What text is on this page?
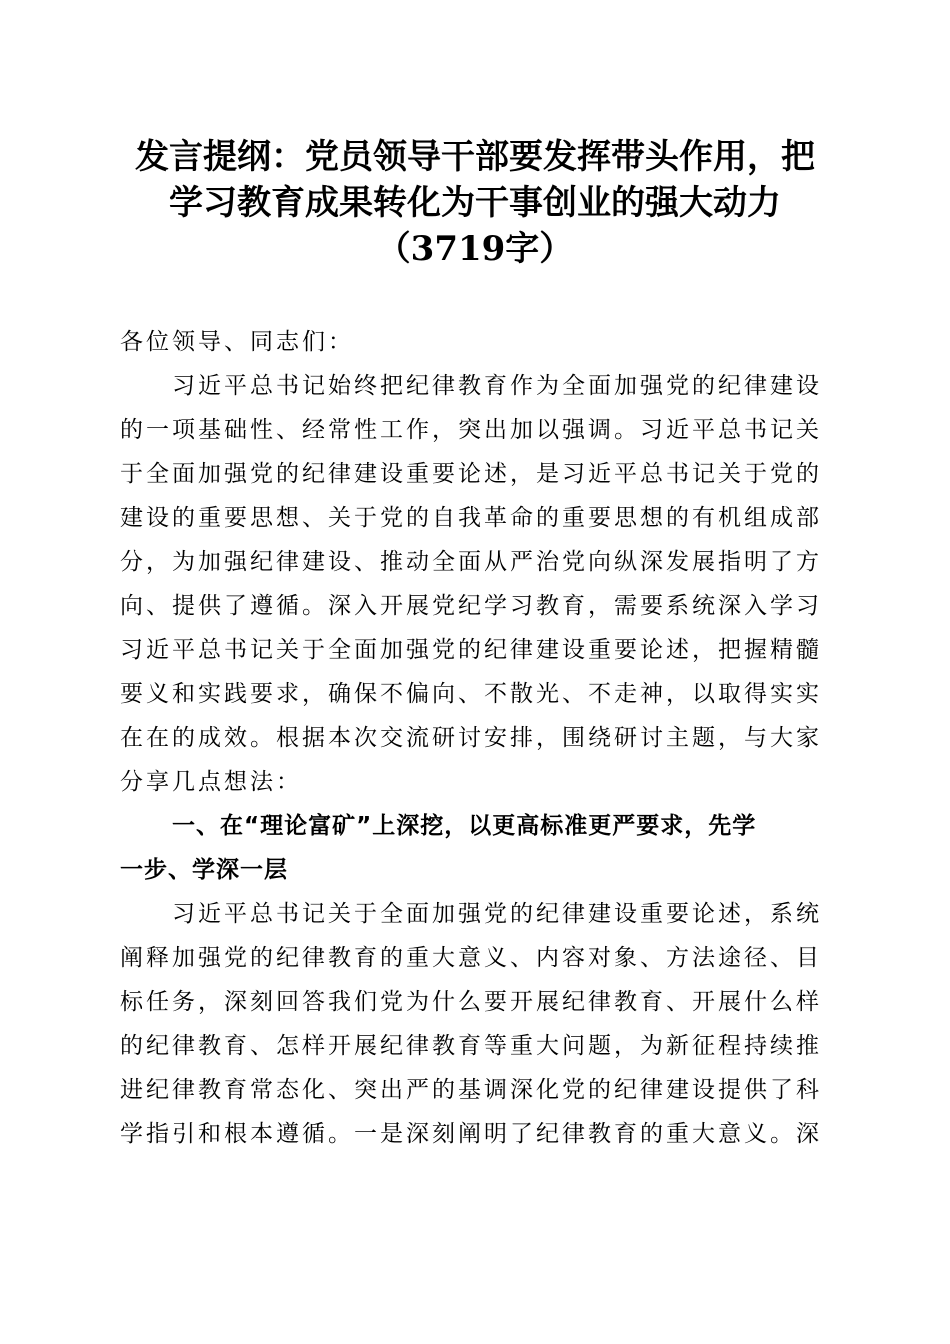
发言提纲：党员领导干部要发挥带头作用，把
学习教育成果转化为干事创业的强大动力
（3719字）
各位领导、同志们：
习近平总书记始终把纪律教育作为全面加强党的纪律建设
的一项基础性、经常性工作，突出加以强调。习近平总书记关
于全面加强党的纪律建设重要论述，是习近平总书记关于党的
建设的重要思想、关于党的自我革命的重要思想的有机组成部
分，为加强纪律建设、推动全面从严治党向纵深发展指明了方
向、提供了遵循。深入开展党纪学习教育，需要系统深入学习
习近平总书记关于全面加强党的纪律建设重要论述，把握精髓
要义和实践要求，确保不偏向、不散光、不走神，以取得实实
在在的成效。根据本次交流研讨安排，围绕研讨主题，与大家
分享几点想法：
一、在“理论富矿”上深挖，以更高标准更严要求，先学
一步、学深一层
习近平总书记关于全面加强党的纪律建设重要论述，系统
阐释加强党的纪律教育的重大意义、内容对象、方法途径、目
标任务，深刻回答我们党为什么要开展纪律教育、开展什么样
的纪律教育、怎样开展纪律教育等重大问题，为新征程持续推
进纪律教育常态化、突出严的基调深化党的纪律建设提供了科
学指引和根本遵循。一是深刻阐明了纪律教育的重大意义。深
